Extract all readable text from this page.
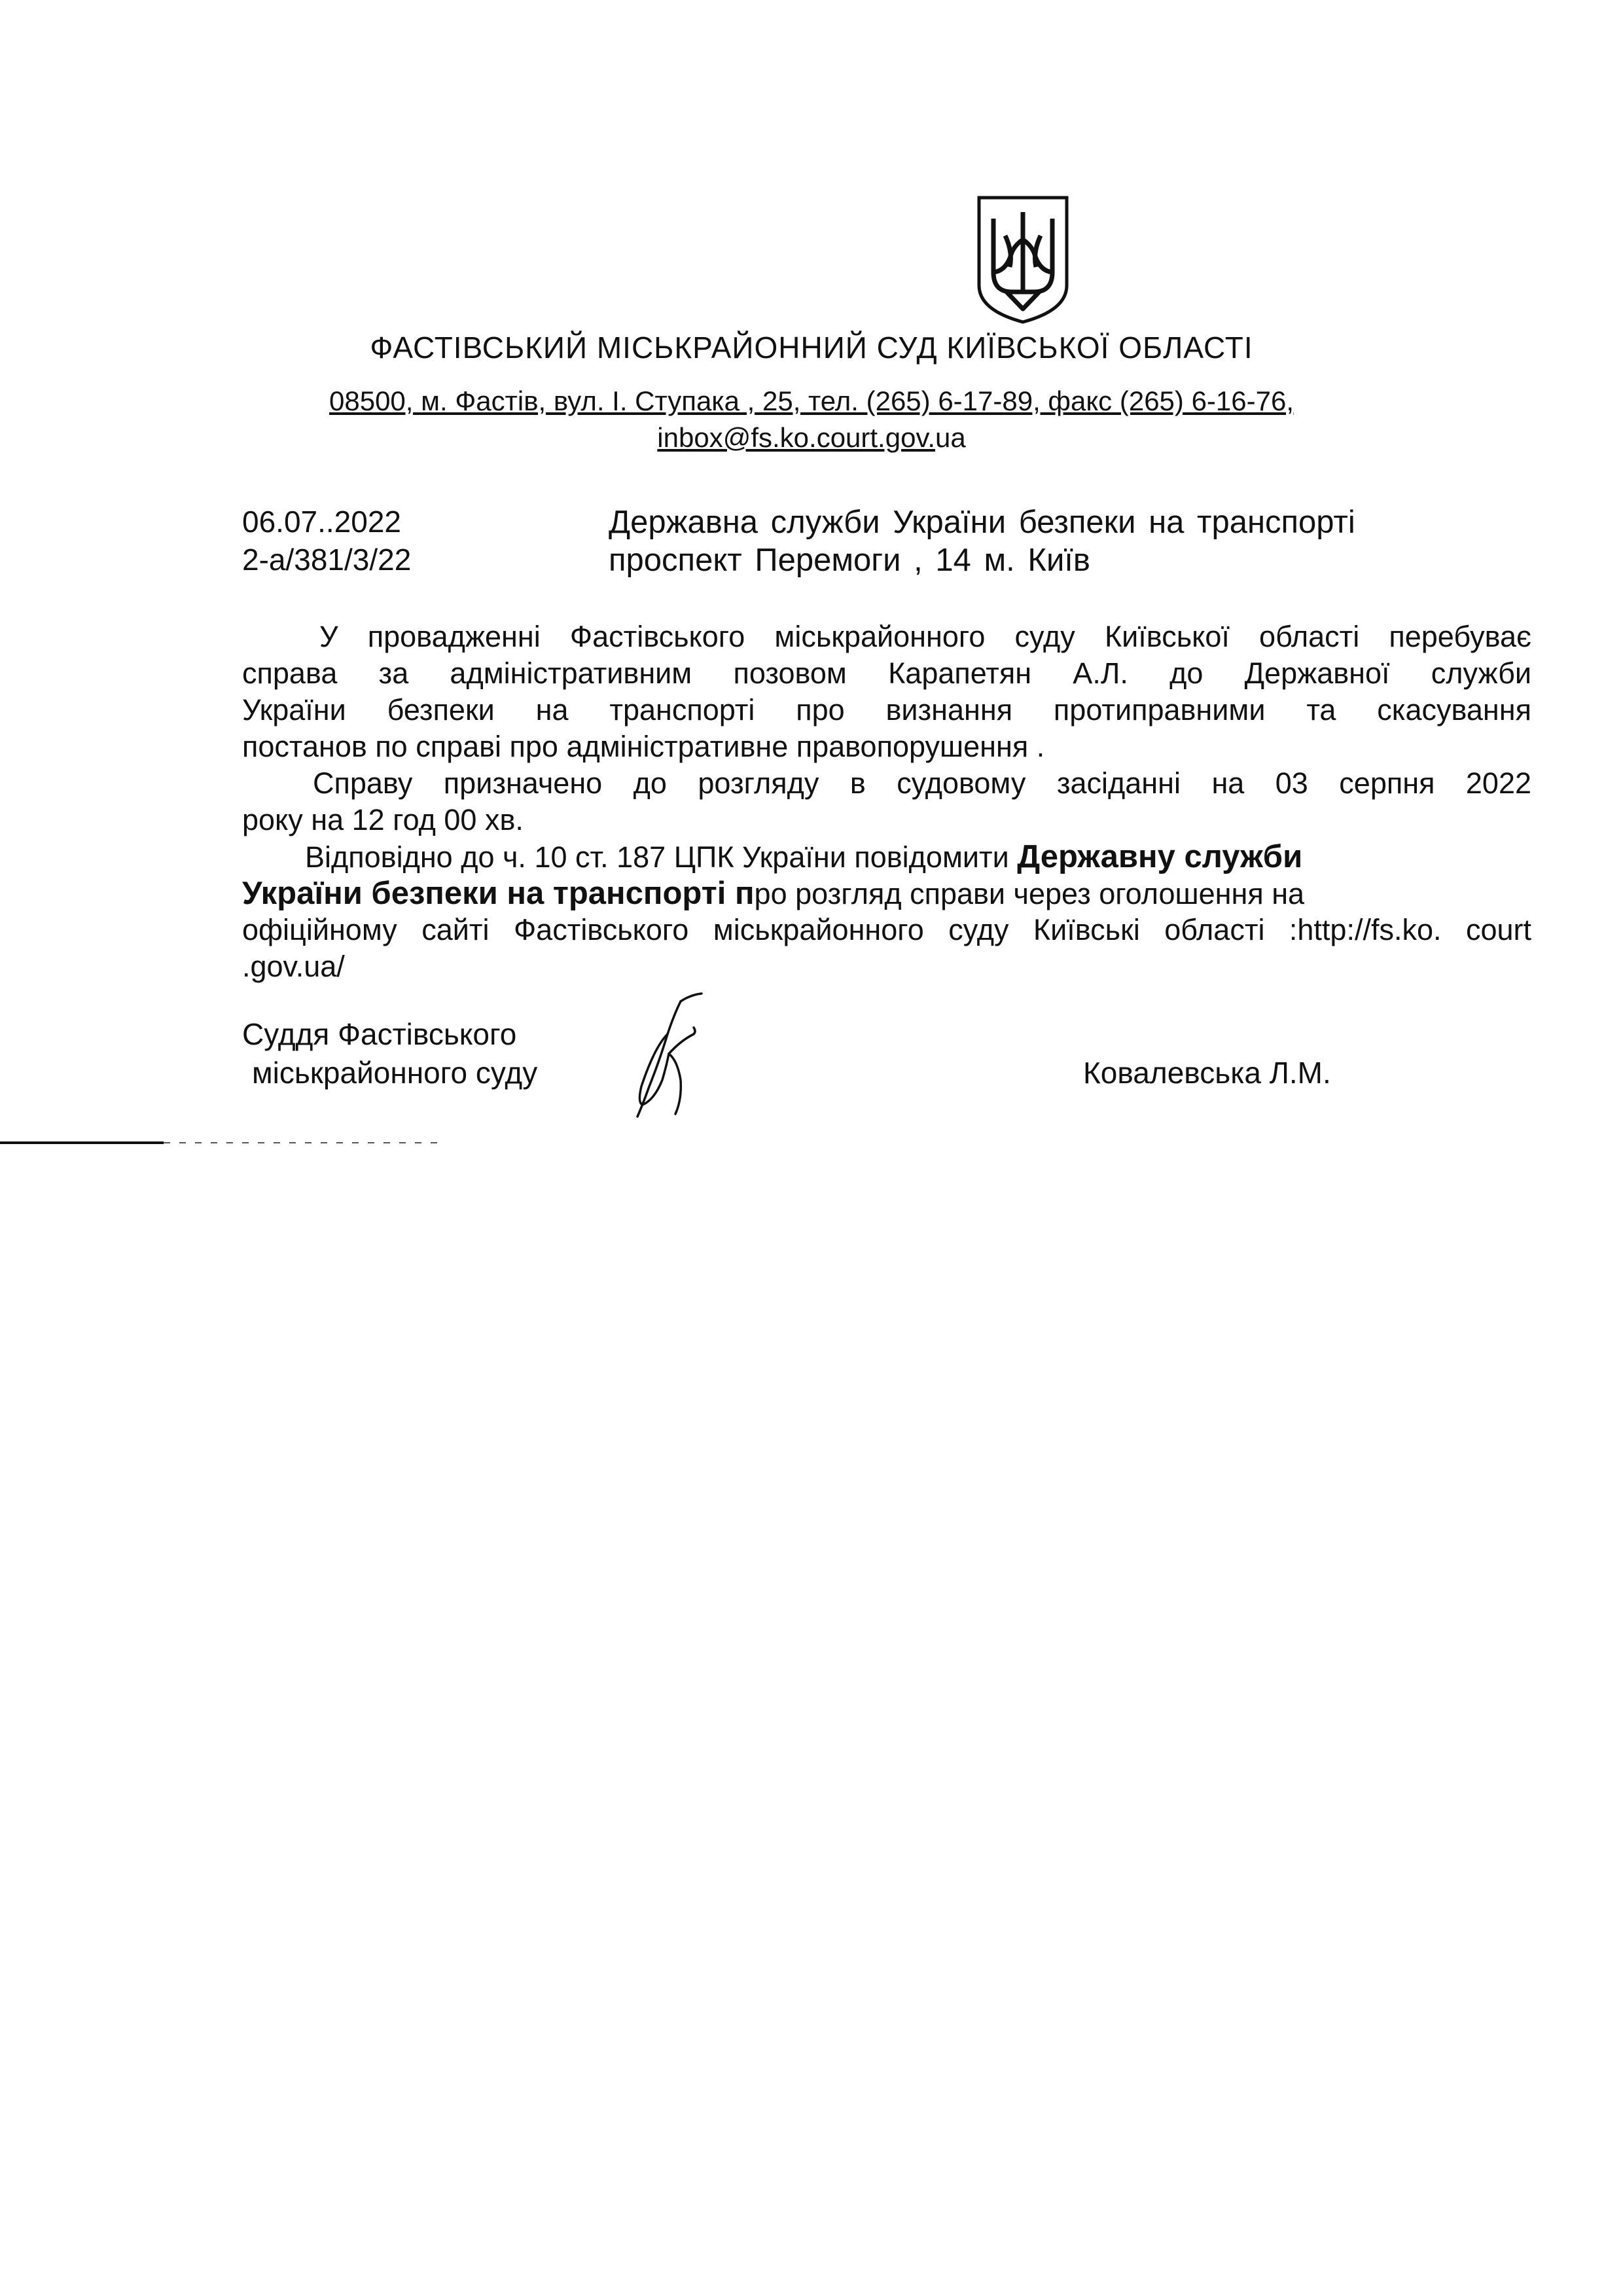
ФАСТІВСЬКИЙ МІСЬКРАЙОННИЙ СУД КИЇВСЬКОЇ ОБЛАСТІ
08500, м. Фастів, вул. І. Ступака , 25, тел. (265) 6-17-89, факс (265) 6-16-76,
inbox@fs.ko.court.gov.ua
06.07..2022
2-а/381/3/22
Державна служби України безпеки на транспорті
проспект Перемоги , 14 м. Київ
У провадженні Фастівського міськрайонного суду Київської області перебуває
справа за адміністративним позовом Карапетян А.Л. до Державної служби
України безпеки на транспорті про визнання протиправними та скасування
постанов по справі про адміністративне правопорушення .
Справу призначено до розгляду в судовому засіданні на 03 серпня 2022
року на 12 год 00 хв.
Відповідно до ч. 10 ст. 187 ЦПК України повідомити Державну служби
України безпеки на транспорті про розгляд справи через оголошення на
офіційному сайті Фастівського міськрайонного суду Київські області :http://fs.ko. court
.gov.ua/
Суддя Фастівського
міськрайонного суду	Ковалевська Л.М.
